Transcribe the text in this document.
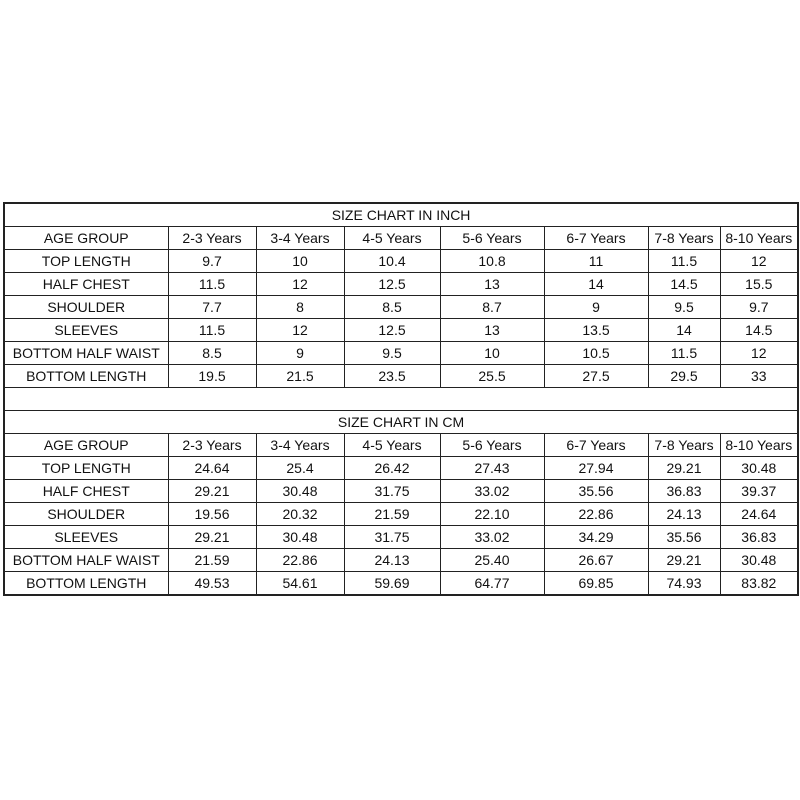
SIZE CHART IN INCH							
AGE GROUP	2-3 Years	3-4 Years	4-5 Years	5-6 Years	6-7 Years	7-8 Years	8-10 Years
TOP LENGTH	9.7	10	10.4	10.8	11	11.5	12
HALF CHEST	11.5	12	12.5	13	14	14.5	15.5
SHOULDER	7.7	8	8.5	8.7	9	9.5	9.7
SLEEVES	11.5	12	12.5	13	13.5	14	14.5
BOTTOM HALF WAIST	8.5	9	9.5	10	10.5	11.5	12
BOTTOM LENGTH	19.5	21.5	23.5	25.5	27.5	29.5	33

SIZE CHART IN CM							
AGE GROUP	2-3 Years	3-4 Years	4-5 Years	5-6 Years	6-7 Years	7-8 Years	8-10 Years
TOP LENGTH	24.64	25.4	26.42	27.43	27.94	29.21	30.48
HALF CHEST	29.21	30.48	31.75	33.02	35.56	36.83	39.37
SHOULDER	19.56	20.32	21.59	22.10	22.86	24.13	24.64
SLEEVES	29.21	30.48	31.75	33.02	34.29	35.56	36.83
BOTTOM HALF WAIST	21.59	22.86	24.13	25.40	26.67	29.21	30.48
BOTTOM LENGTH	49.53	54.61	59.69	64.77	69.85	74.93	83.82
